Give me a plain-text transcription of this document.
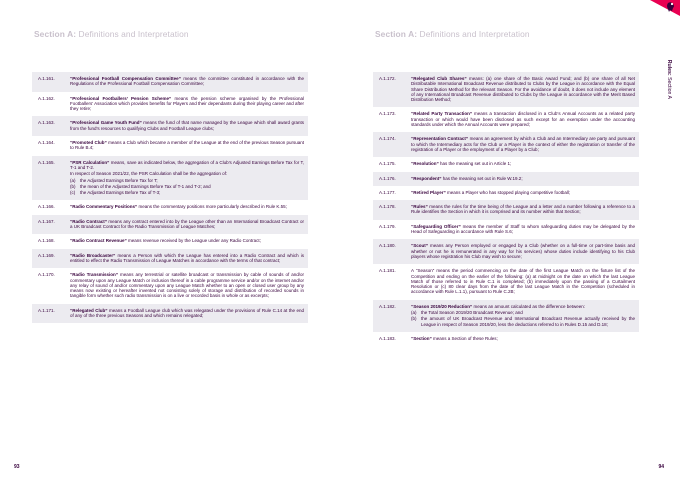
Section A: Definitions and Interpretation
A.1.161.	“Professional Football Compensation Committee” means the committee constituted in accordance with the Regulations of the Professional Football Compensation Committee;
A.1.162.	“Professional Footballers’ Pension Scheme” means the pension scheme organised by the Professional Footballers’ Association which provides benefits for Players and their dependants during their playing career and after they retire;
A.1.163.	“Professional Game Youth Fund” means the fund of that name managed by the League which shall award grants from the fund’s resources to qualifying Clubs and Football League clubs;
A.1.164.	“Promoted Club” means a Club which became a member of the League at the end of the previous Season pursuant to Rule B.4;
A.1.165.	“PSR Calculation” means, save as indicated below, the aggregation of a Club’s Adjusted Earnings Before Tax for T, T-1 and T-2.
In respect of Season 2021/22, the PSR Calculation shall be the aggregation of:
(a)	the Adjusted Earnings Before Tax for T;
(b)	the mean of the Adjusted Earnings Before Tax of T-1 and T-2; and
(c)	the Adjusted Earnings Before Tax of T-3;
A.1.166.	“Radio Commentary Positions” means the commentary positions more particularly described in Rule K.55;
A.1.167.	“Radio Contract” means any contract entered into by the League other than an International Broadcast Contract or a UK Broadcast Contract for the Radio Transmission of League Matches;
A.1.168.	“Radio Contract Revenue” means revenue received by the League under any Radio Contract;
A.1.169.	“Radio Broadcaster” means a Person with which the League has entered into a Radio Contract and which is entitled to effect the Radio Transmission of League Matches in accordance with the terms of that contract;
A.1.170.	“Radio Transmission” means any terrestrial or satellite broadcast or transmission by cable of sounds of and/or commentary upon any League Match or inclusion thereof in a cable programme service and/or on the internet and/or any relay of sound of and/or commentary upon any League Match whether to an open or closed user group by any means now existing or hereafter invented not consisting solely of storage and distribution of recorded sounds in tangible form whether such radio transmission is on a live or recorded basis in whole or as excerpts;
A.1.171.	“Relegated Club” means a Football League club which was relegated under the provisions of Rule C.14 at the end of any of the three previous Seasons and which remains relegated;
93
Section A: Definitions and Interpretation
94
Rules: Section A
A.1.172.	“Relegated Club Shares” means: (a) one share of the Basic Award Fund; and (b) one share of all Net Distributable International Broadcast Revenue distributed to Clubs by the League in accordance with the Equal Share Distribution Method for the relevant Season. For the avoidance of doubt, it does not include any element of any International Broadcast Revenue distributed to Clubs by the League in accordance with the Merit Based Distribution Method;
A.1.173.	“Related Party Transaction” means a transaction disclosed in a Club’s Annual Accounts as a related party transaction or which would have been disclosed as such except for an exemption under the accounting standards under which the Annual Accounts were prepared;
A.1.174.	“Representation Contract” means an agreement by which a Club and an Intermediary are party and pursuant to which the Intermediary acts for the Club or a Player in the context of either the registration or transfer of the registration of a Player or the employment of a Player by a Club;
A.1.175.	“Resolution” has the meaning set out in Article 1;
A.1.176.	“Respondent” has the meaning set out in Rule W.19.2;
A.1.177.	“Retired Player” means a Player who has stopped playing competitive football;
A.1.178.	“Rules” means the rules for the time being of the League and a letter and a number following a reference to a Rule identifies the Section in which it is comprised and its number within that Section;
A.1.179.	“Safeguarding Officer” means the member of Staff to whom safeguarding duties may be delegated by the Head of Safeguarding in accordance with Rule S.6;
A.1.180.	“Scout” means any Person employed or engaged by a Club (whether on a full-time or part-time basis and whether or not he is remunerated in any way for his services) whose duties include identifying to his Club players whose registration his Club may wish to secure;
A.1.181.	A “Season” means the period commencing on the date of the first League Match on the fixture list of the Competition and ending on the earlier of the following: (a) at midnight on the date on which the last League Match of those referred to in Rule C.1 is completed; (b) immediately upon the passing of a Curtailment Resolution or (c) 80 clear days from the date of the last League Match in the Competition (scheduled in accordance with Rule L.1.1), pursuant to Rule C.2B;
A.1.182.	“Season 2019/20 Reduction” means an amount calculated as the difference between:
(a)	the Total Season 2019/20 Broadcast Revenue; and
(b)	the amount of UK Broadcast Revenue and International Broadcast Revenue actually received by the League in respect of Season 2019/20, less the deductions referred to in Rules D.15 and D.18;
A.1.183.	“Section” means a Section of these Rules;
